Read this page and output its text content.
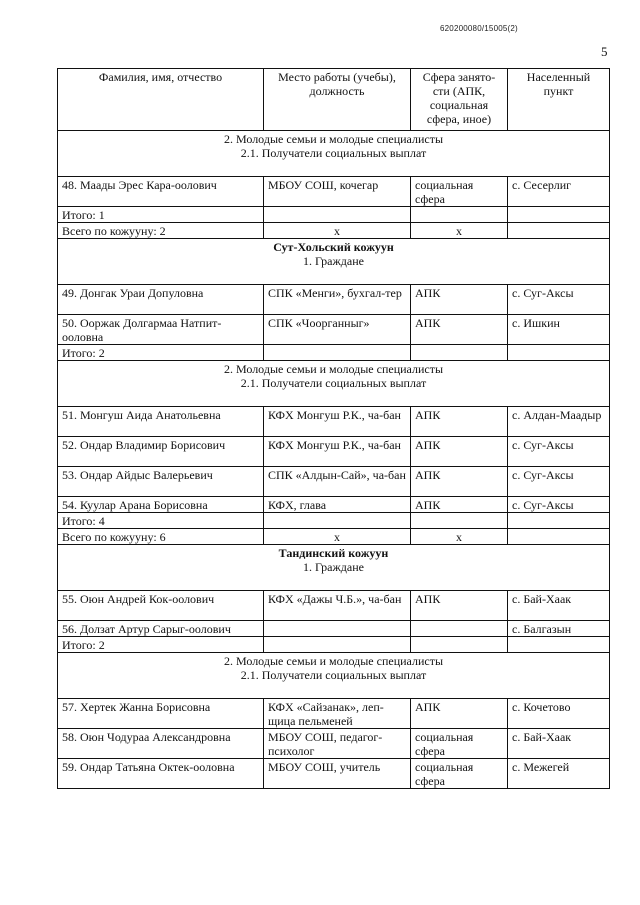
620200080/15005(2)
5
Фамилия, имя, отчество	Место работы (учебы), должность	Сфера занято-сти (АПК, социальная сфера, иное)	Населенный пункт

2. Молодые семьи и молодые специалисты
2.1. Получатели социальных выплат			

48. Маады Эрес Кара-оолович	МБОУ СОШ, кочегар	социальная сфера	с. Сесерлиг
Итого: 1			
Всего по кожууну: 2	х	х	

Сут-Хольский кожуун
1. Граждане			

49. Донгак Ураи Допуловна	СПК «Менги», бухгал-тер	АПК	с. Суг-Аксы
50. Ооржак Долгармаа Натпит-ооловна	СПК «Чоорганныг»	АПК	с. Ишкин
Итого: 2			

2. Молодые семьи и молодые специалисты
2.1. Получатели социальных выплат			

51. Монгуш Аида Анатольевна	КФХ Монгуш Р.К., ча-бан	АПК	с. Алдан-Маадыр
52. Ондар Владимир Борисович	КФХ Монгуш Р.К., ча-бан	АПК	с. Суг-Аксы
53. Ондар Айдыс Валерьевич	СПК «Алдын-Сай», ча-бан	АПК	с. Суг-Аксы
54. Куулар Арана Борисовна	КФХ, глава	АПК	с. Суг-Аксы
Итого: 4			
Всего по кожууну: 6	х	х	

Тандинский кожуун
1. Граждане			

55. Оюн Андрей Кок-оолович	КФХ «Дажы Ч.Б.», ча-бан	АПК	с. Бай-Хаак
56. Долзат Артур Сарыг-оолович			с. Балгазын
Итого: 2			

2. Молодые семьи и молодые специалисты
2.1. Получатели социальных выплат			

57. Хертек Жанна Борисовна	КФХ «Сайзанак», леп-щица пельменей	АПК	с. Кочетово
58. Оюн Чодураа Александровна	МБОУ СОШ, педагог-психолог	социальная сфера	с. Бай-Хаак
59. Ондар Татьяна Октек-ооловна	МБОУ СОШ, учитель	социальная сфера	с. Межегей
